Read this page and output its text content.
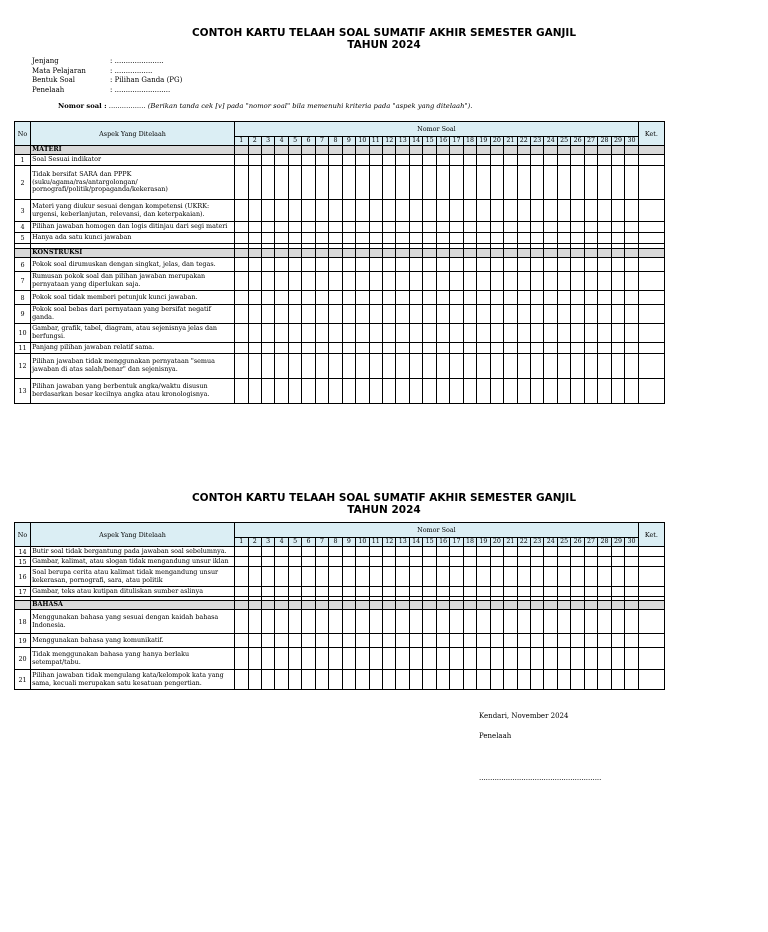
CONTOH KARTU TELAAH SOAL SUMATIF AKHIR SEMESTER GANJIL
TAHUN 2024
Jenjang	: ......................
Mata Pelajaran	: .................
Bentuk Soal	: Pilihan Ganda (PG)
Penelaah	: .........................
Nomor soal : ................. (Berikan tanda cek [v] pada "nomor soal" bila memenuhi kriteria pada "aspek yang ditelaah").
No	Aspek Yang Ditelaah	Nomor Soal																														Ket.
		1	2	3	4	5	6	7	8	9	10	11	12	13	14	15	16	17	18	19	20	21	22	23	24	25	26	27	28	29	30	
	MATERI																															
1	Soal Sesuai indikator																															
2	Tidak bersifat SARA dan PPPK (suku/agama/ras/antargolongan/ pornografi/politik/propaganda/kekerasan)																															
3	Materi yang diukur sesuai dengan kompetensi (UKRK: urgensi, keberlanjutan, relevansi, dan keterpakaian).																															
4	Pilihan jawaban homogen dan logis ditinjau dari segi materi																															
5	Hanya ada satu kunci jawaban																															

	KONSTRUKSI																															
6	Pokok soal dirumuskan dengan singkat, jelas, dan tegas.																															
7	Rumusan pokok soal dan pilihan jawaban merupakan pernyataan yang diperlukan saja.																															
8	Pokok soal tidak memberi petunjuk kunci jawaban.																															
9	Pokok soal bebas dari pernyataan yang bersifat negatif ganda.																															
10	Gambar, grafik, tabel, diagram, atau sejenisnya jelas dan berfungsi.																															
11	Panjang pilihan jawaban relatif sama.																															
12	Pilihan jawaban tidak menggunakan pernyataan "semua jawaban di atas salah/benar" dan sejenisnya.																															
13	Pilihan jawaban yang berbentuk angka/waktu disusun berdasarkan besar kecilnya angka atau kronologisnya.																															
CONTOH KARTU TELAAH SOAL SUMATIF AKHIR SEMESTER GANJIL
TAHUN 2024
No	Aspek Yang Ditelaah	Nomor Soal																														Ket.
		1	2	3	4	5	6	7	8	9	10	11	12	13	14	15	16	17	18	19	20	21	22	23	24	25	26	27	28	29	30	
14	Butir soal tidak bergantung pada jawaban soal sebelumnya.																															
15	Gambar, kalimat, atau slogan tidak mengandung unsur iklan																															
16	Soal berupa cerita atau kalimat tidak mengandung unsur kekerasan, pornografi, sara, atau politik																															
17	Gambar, teks atau kutipan dituliskan sumber aslinya																															

	BAHASA																															
18	Menggunakan bahasa yang sesuai dengan kaidah bahasa Indonesia.																															
19	Menggunakan bahasa yang komunikatif.																															
20	Tidak menggunakan bahasa yang hanya berlaku setempat/tabu.																															
21	Pilihan jawaban tidak mengulang kata/kelompok kata yang sama, kecuali merupakan satu kesatuan pengertian.																															
Kendari, November 2024
Penelaah
.......................................................
